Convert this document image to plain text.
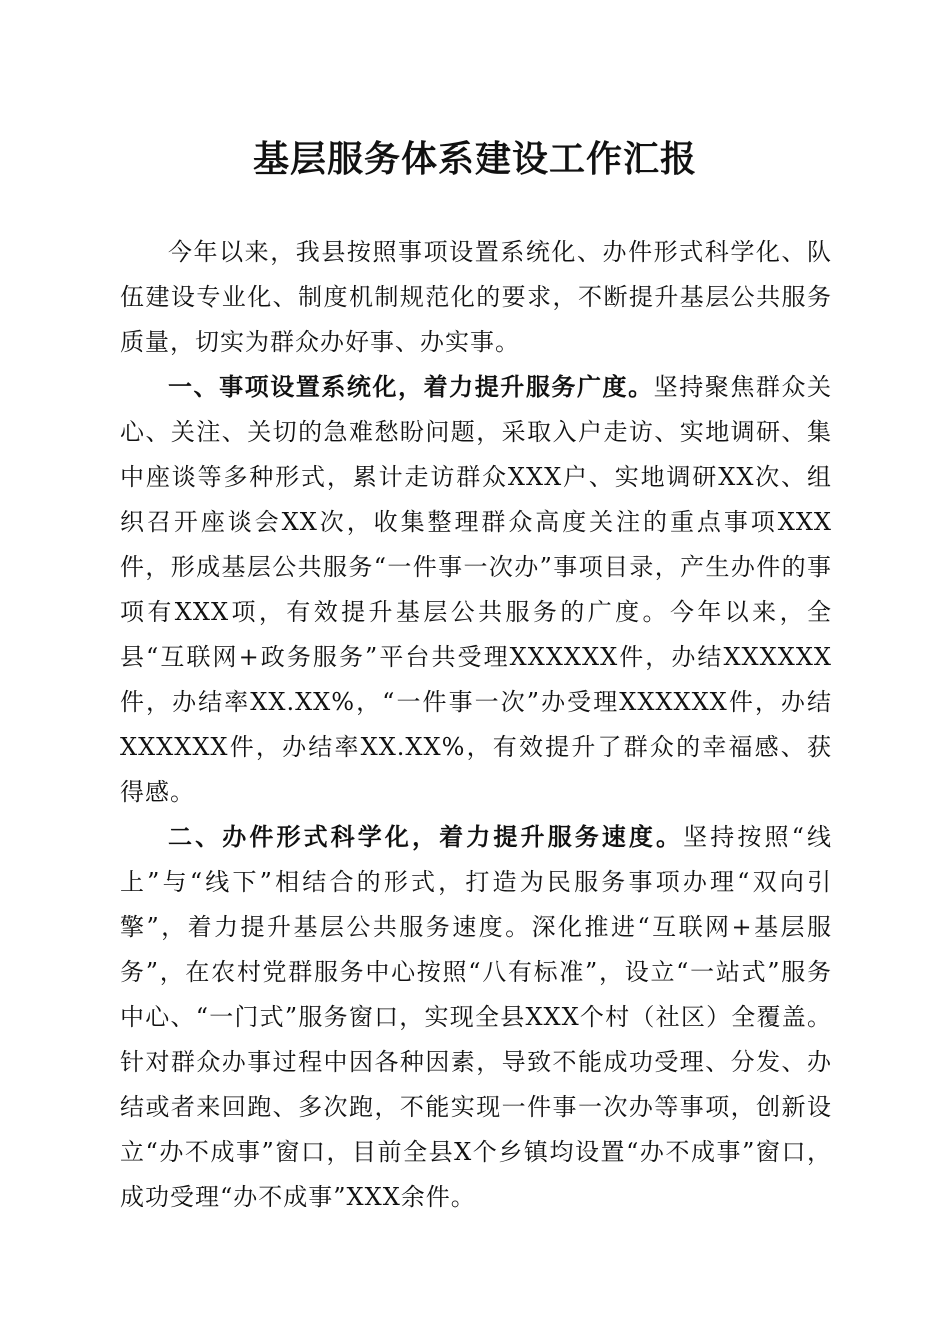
基层服务体系建设工作汇报

今年以来，我县按照事项设置系统化、办件形式科学化、队伍建设专业化、制度机制规范化的要求，不断提升基层公共服务质量，切实为群众办好事、办实事。

一、事项设置系统化，着力提升服务广度。坚持聚焦群众关心、关注、关切的急难愁盼问题，采取入户走访、实地调研、集中座谈等多种形式，累计走访群众XXX户、实地调研XX次、组织召开座谈会XX次，收集整理群众高度关注的重点事项XXX件，形成基层公共服务“一件事一次办”事项目录，产生办件的事项有XXX项，有效提升基层公共服务的广度。今年以来，全县“互联网+政务服务”平台共受理XXXXXX件，办结XXXXXX件，办结率XX.XX%，“一件事一次”办受理XXXXXX件，办结XXXXXX件，办结率XX.XX%，有效提升了群众的幸福感、获得感。

二、办件形式科学化，着力提升服务速度。坚持按照“线上”与“线下”相结合的形式，打造为民服务事项办理“双向引擎”，着力提升基层公共服务速度。深化推进“互联网+基层服务”，在农村党群服务中心按照“八有标准”，设立“一站式”服务中心、“一门式”服务窗口，实现全县XXX个村（社区）全覆盖。针对群众办事过程中因各种因素，导致不能成功受理、分发、办结或者来回跑、多次跑，不能实现一件事一次办等事项，创新设立“办不成事”窗口，目前全县X个乡镇均设置“办不成事”窗口，成功受理“办不成事”XXX余件。
